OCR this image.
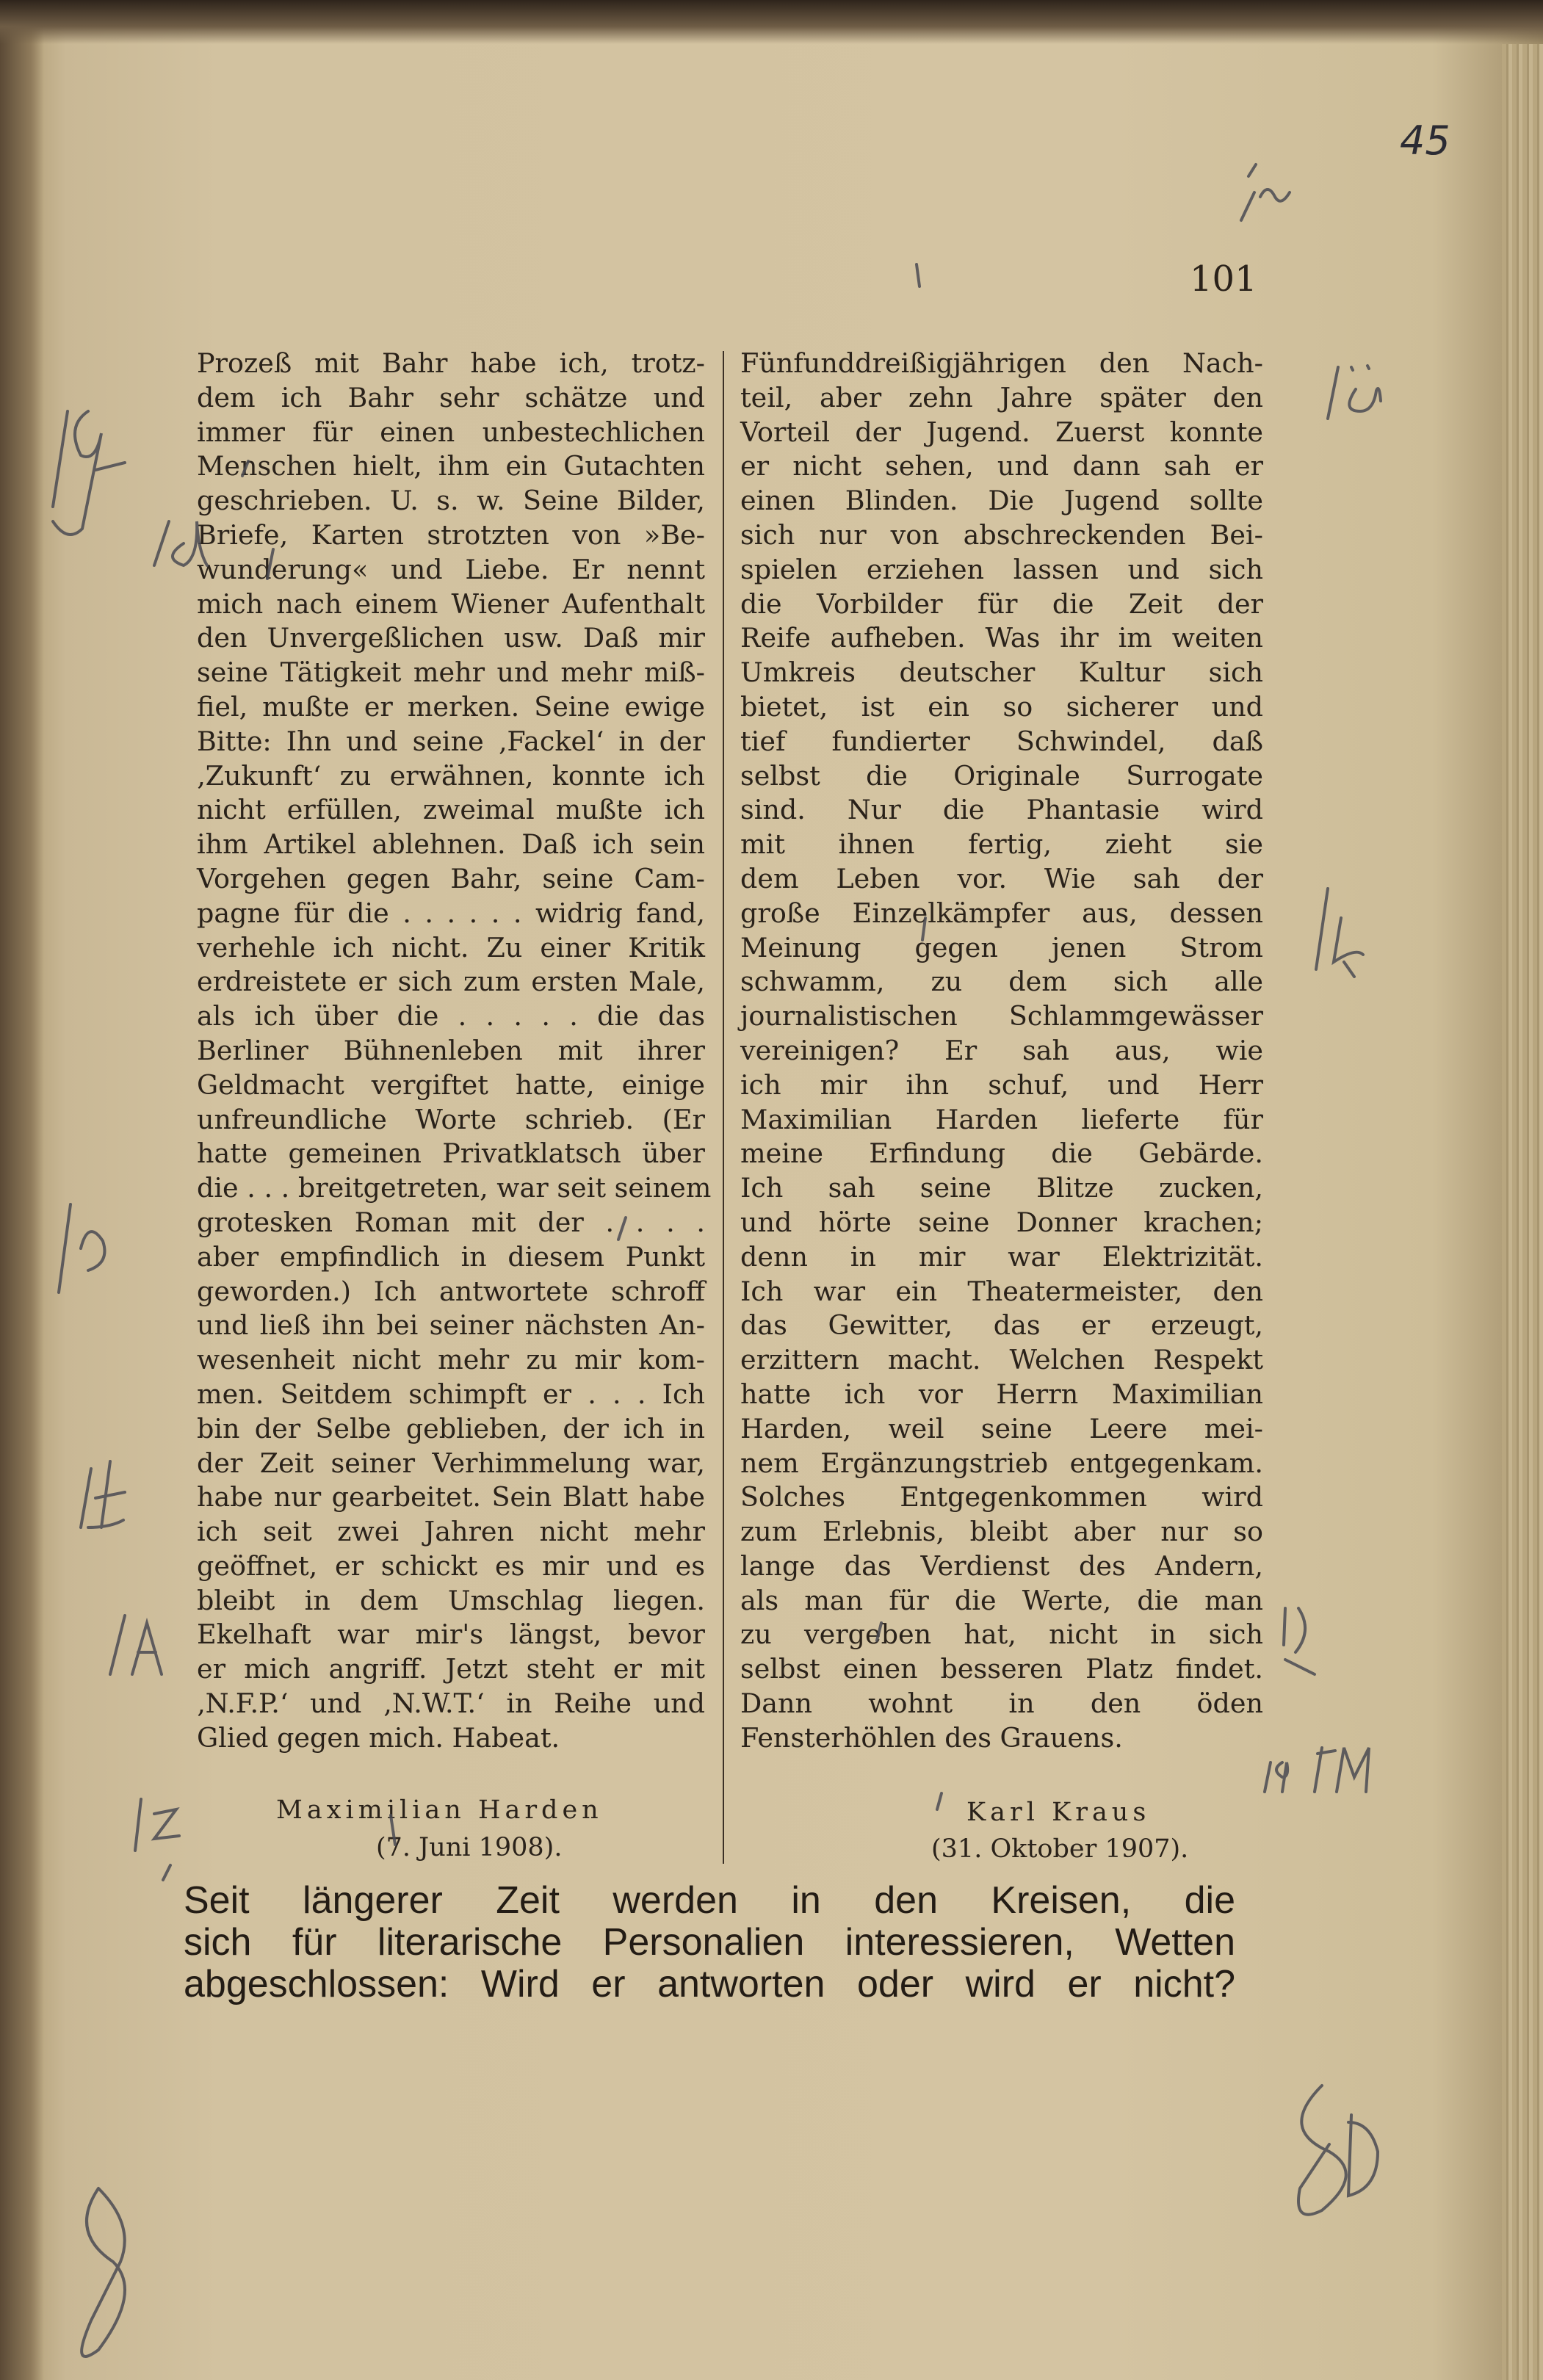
45
101
Prozeß mit Bahr habe ich, trotz-
dem ich Bahr sehr schätze und
immer für einen unbestechlichen
Menschen hielt, ihm ein Gutachten
geschrieben. U. s. w. Seine Bilder,
Briefe, Karten strotzten von »Be-
wunderung« und Liebe. Er nennt
mich nach einem Wiener Aufenthalt
den Unvergeßlichen usw. Daß mir
seine Tätigkeit mehr und mehr miß-
fiel, mußte er merken. Seine ewige
Bitte: Ihn und seine ‚Fackel‘ in der
‚Zukunft‘ zu erwähnen, konnte ich
nicht erfüllen, zweimal mußte ich
ihm Artikel ablehnen. Daß ich sein
Vorgehen gegen Bahr, seine Cam-
pagne für die . . . . . . widrig fand,
verhehle ich nicht. Zu einer Kritik
erdreistete er sich zum ersten Male,
als ich über die . . . . . die das
Berliner Bühnenleben mit ihrer
Geldmacht vergiftet hatte, einige
unfreundliche Worte schrieb. (Er
hatte gemeinen Privatklatsch über
die . . . breitgetreten, war seit seinem
grotesken Roman mit der . . . .
aber empfindlich in diesem Punkt
geworden.) Ich antwortete schroff
und ließ ihn bei seiner nächsten An-
wesenheit nicht mehr zu mir kom-
men. Seitdem schimpft er . . . Ich
bin der Selbe geblieben, der ich in
der Zeit seiner Verhimmelung war,
habe nur gearbeitet. Sein Blatt habe
ich seit zwei Jahren nicht mehr
geöffnet, er schickt es mir und es
bleibt in dem Umschlag liegen.
Ekelhaft war mir's längst, bevor
er mich angriff. Jetzt steht er mit
‚N.F.P.‘ und ‚N.W.T.‘ in Reihe und
Glied gegen mich. Habeat.
Fünfunddreißigjährigen den Nach-
teil, aber zehn Jahre später den
Vorteil der Jugend. Zuerst konnte
er nicht sehen, und dann sah er
einen Blinden. Die Jugend sollte
sich nur von abschreckenden Bei-
spielen erziehen lassen und sich
die Vorbilder für die Zeit der
Reife aufheben. Was ihr im weiten
Umkreis deutscher Kultur sich
bietet, ist ein so sicherer und
tief fundierter Schwindel, daß
selbst die Originale Surrogate
sind. Nur die Phantasie wird
mit ihnen fertig, zieht sie
dem Leben vor. Wie sah der
große Einzelkämpfer aus, dessen
Meinung gegen jenen Strom
schwamm, zu dem sich alle
journalistischen Schlammgewässer
vereinigen? Er sah aus, wie
ich mir ihn schuf, und Herr
Maximilian Harden lieferte für
meine Erfindung die Gebärde.
Ich sah seine Blitze zucken,
und hörte seine Donner krachen;
denn in mir war Elektrizität.
Ich war ein Theatermeister, den
das Gewitter, das er erzeugt,
erzittern macht. Welchen Respekt
hatte ich vor Herrn Maximilian
Harden, weil seine Leere mei-
nem Ergänzungstrieb entgegenkam.
Solches Entgegenkommen wird
zum Erlebnis, bleibt aber nur so
lange das Verdienst des Andern,
als man für die Werte, die man
zu vergeben hat, nicht in sich
selbst einen besseren Platz findet.
Dann wohnt in den öden
Fensterhöhlen des Grauens.
Maximilian Harden
(7. Juni 1908).
Karl Kraus
(31. Oktober 1907).
Seit längerer Zeit werden in den Kreisen, die
sich für literarische Personalien interessieren, Wetten
abgeschlossen: Wird er antworten oder wird er nicht?
